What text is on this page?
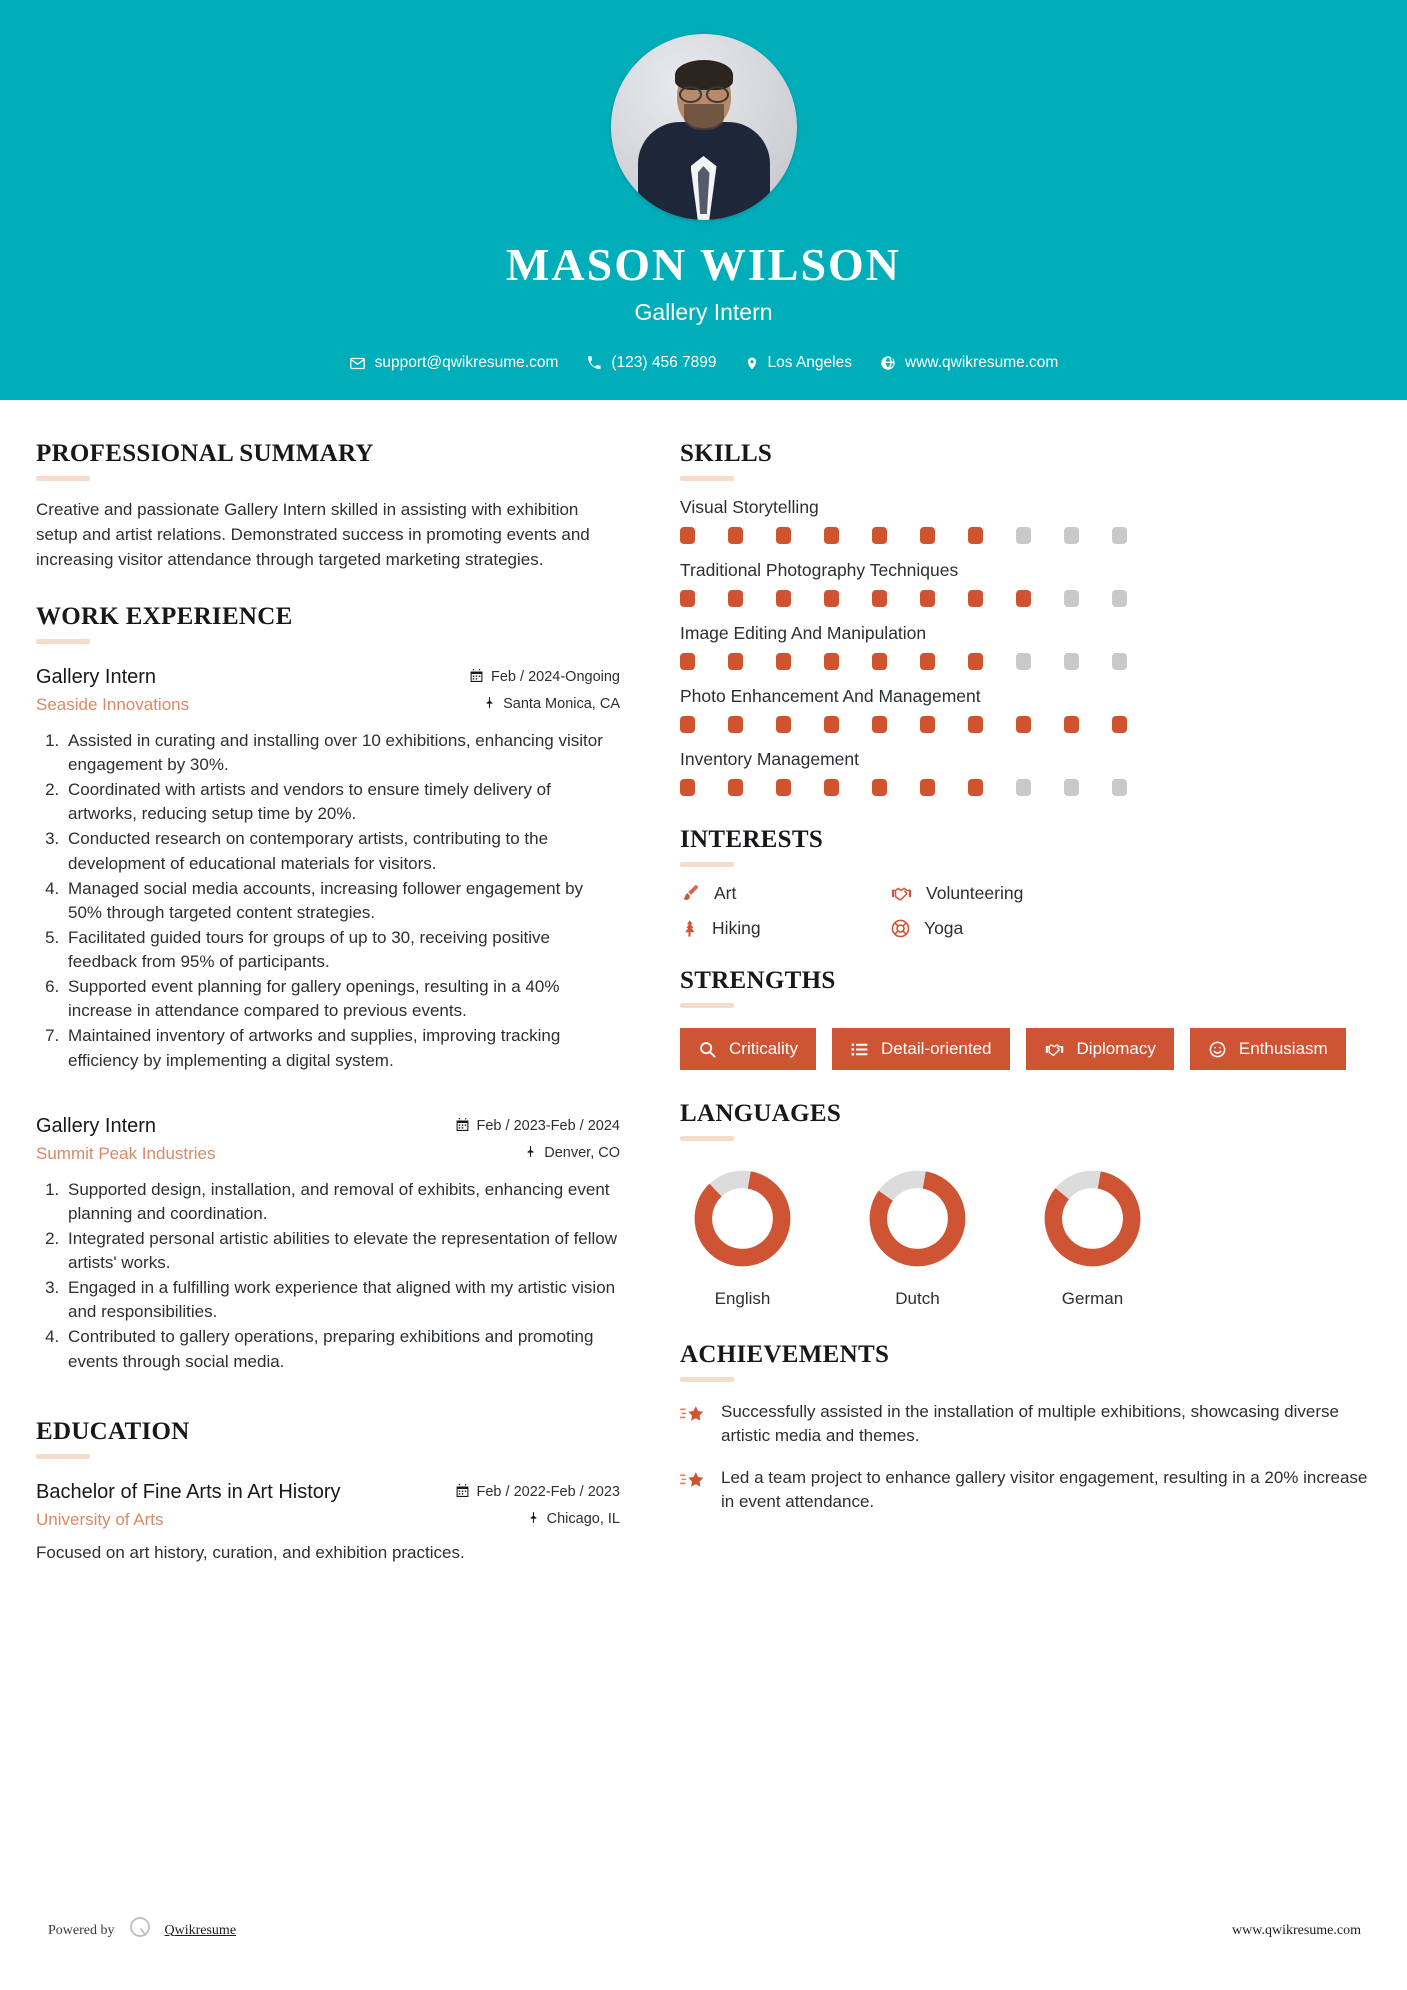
MASON WILSON
Gallery Intern
support@qwikresume.com	(123) 456 7899	Los Angeles	www.qwikresume.com
PROFESSIONAL SUMMARY
Creative and passionate Gallery Intern skilled in assisting with exhibition setup and artist relations. Demonstrated success in promoting events and increasing visitor attendance through targeted marketing strategies.
WORK EXPERIENCE
Gallery Intern	Feb / 2024-Ongoing
Seaside Innovations	Santa Monica, CA
1. Assisted in curating and installing over 10 exhibitions, enhancing visitor engagement by 30%.
2. Coordinated with artists and vendors to ensure timely delivery of artworks, reducing setup time by 20%.
3. Conducted research on contemporary artists, contributing to the development of educational materials for visitors.
4. Managed social media accounts, increasing follower engagement by 50% through targeted content strategies.
5. Facilitated guided tours for groups of up to 30, receiving positive feedback from 95% of participants.
6. Supported event planning for gallery openings, resulting in a 40% increase in attendance compared to previous events.
7. Maintained inventory of artworks and supplies, improving tracking efficiency by implementing a digital system.
Gallery Intern	Feb / 2023-Feb / 2024
Summit Peak Industries	Denver, CO
1. Supported design, installation, and removal of exhibits, enhancing event planning and coordination.
2. Integrated personal artistic abilities to elevate the representation of fellow artists' works.
3. Engaged in a fulfilling work experience that aligned with my artistic vision and responsibilities.
4. Contributed to gallery operations, preparing exhibitions and promoting events through social media.
EDUCATION
Bachelor of Fine Arts in Art History	Feb / 2022-Feb / 2023
University of Arts	Chicago, IL
Focused on art history, curation, and exhibition practices.
SKILLS
Visual Storytelling
Traditional Photography Techniques
Image Editing And Manipulation
Photo Enhancement And Management
Inventory Management
INTERESTS
Art	Volunteering
Hiking	Yoga
STRENGTHS
Criticality	Detail-oriented	Diplomacy	Enthusiasm
LANGUAGES
English	Dutch	German
ACHIEVEMENTS
Successfully assisted in the installation of multiple exhibitions, showcasing diverse artistic media and themes.
Led a team project to enhance gallery visitor engagement, resulting in a 20% increase in event attendance.
Powered by	Qwikresume	www.qwikresume.com
